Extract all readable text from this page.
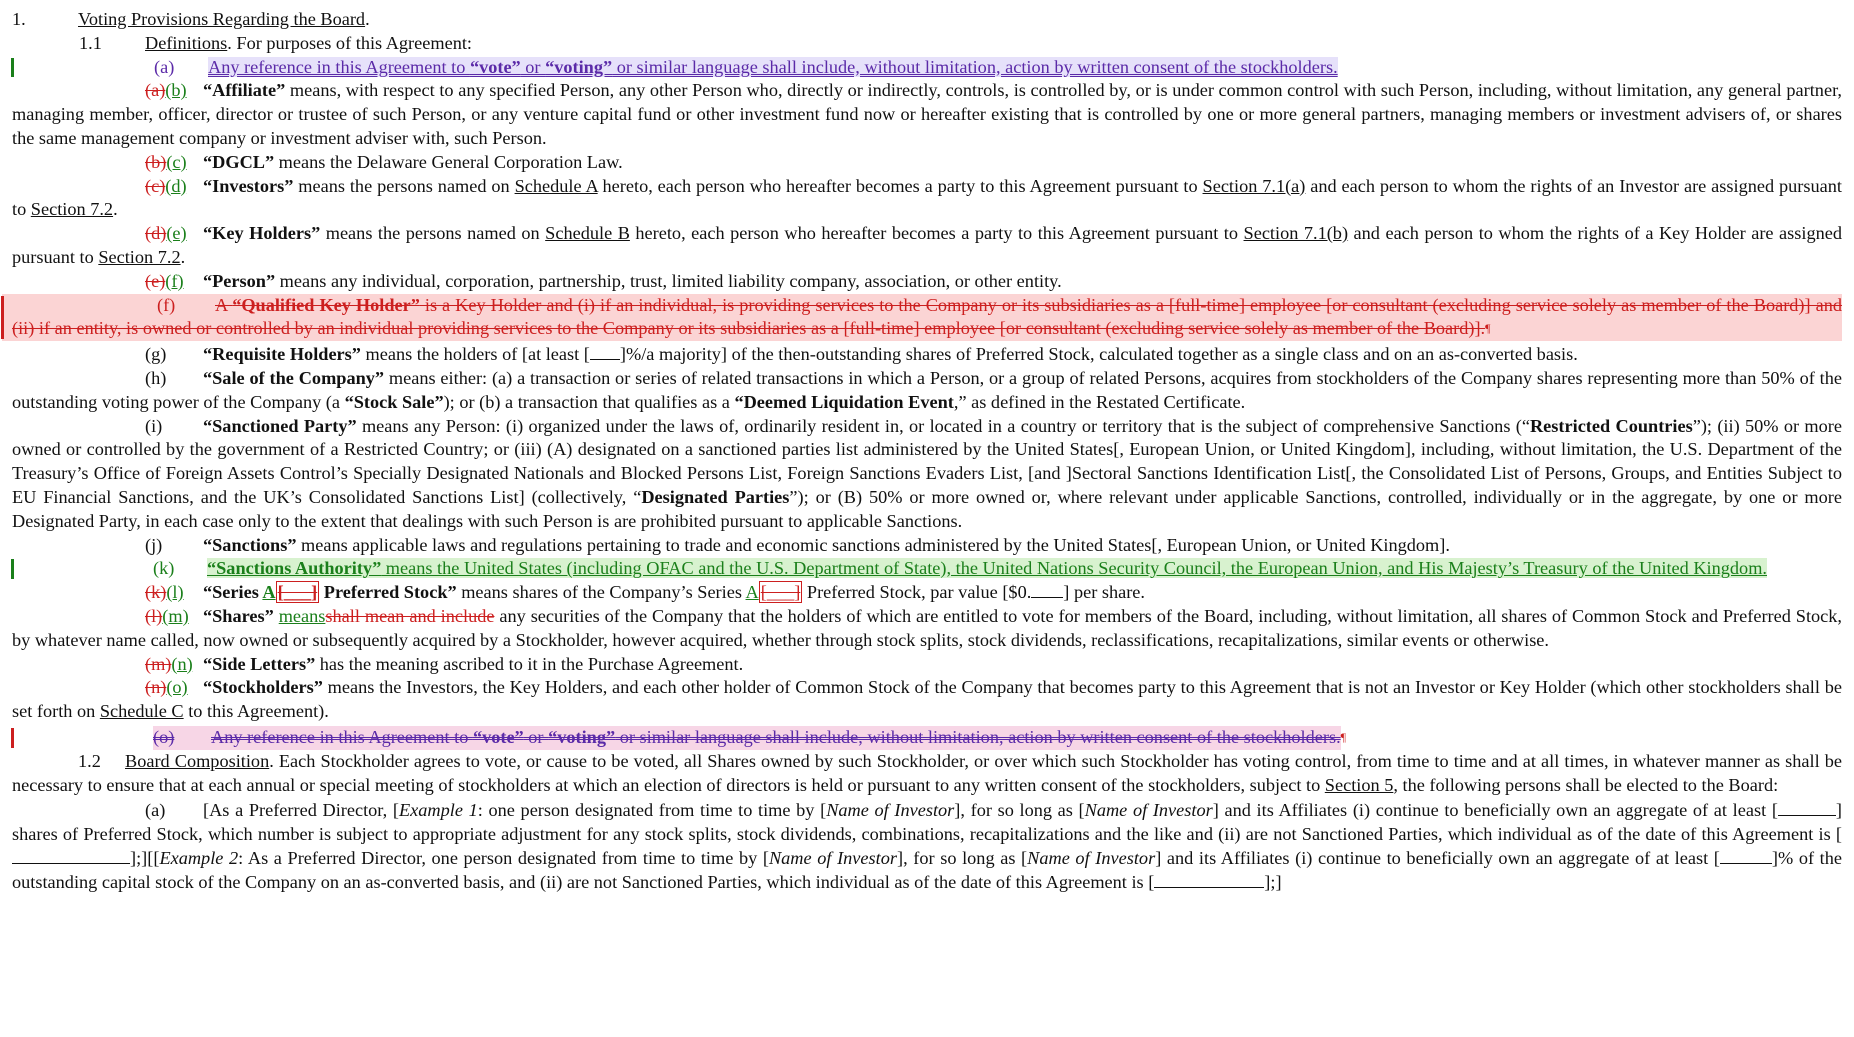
1.	Voting Provisions Regarding the Board.

1.1 Definitions. For purposes of this Agreement:

(a) Any reference in this Agreement to “vote” or “voting” or similar language shall include, without limitation, action by written consent of the stockholders.

(a)(b) “Affiliate” means, with respect to any specified Person, any other Person who, directly or indirectly, controls, is controlled by, or is under common control with such Person, including, without limitation, any general partner, managing member, officer, director or trustee of such Person, or any venture capital fund or other investment fund now or hereafter existing that is controlled by one or more general partners, managing members or investment advisers of, or shares the same management company or investment adviser with, such Person.

(b)(c) “DGCL” means the Delaware General Corporation Law.

(c)(d) “Investors” means the persons named on Schedule A hereto, each person who hereafter becomes a party to this Agreement pursuant to Section 7.1(a) and each person to whom the rights of an Investor are assigned pursuant to Section 7.2.

(d)(e) “Key Holders” means the persons named on Schedule B hereto, each person who hereafter becomes a party to this Agreement pursuant to Section 7.1(b) and each person to whom the rights of a Key Holder are assigned pursuant to Section 7.2.

(e)(f) “Person” means any individual, corporation, partnership, trust, limited liability company, association, or other entity.

(f) A “Qualified Key Holder” is a Key Holder and (i) if an individual, is providing services to the Company or its subsidiaries as a [full-time] employee [or consultant (excluding service solely as member of the Board)] and (ii) if an entity, is owned or controlled by an individual providing services to the Company or its subsidiaries as a [full-time] employee [or consultant (excluding service solely as member of the Board)].¶

(g) “Requisite Holders” means the holders of [at least [ ]%/a majority] of the then-outstanding shares of Preferred Stock, calculated together as a single class and on an as-converted basis.

(h) “Sale of the Company” means either: (a) a transaction or series of related transactions in which a Person, or a group of related Persons, acquires from stockholders of the Company shares representing more than 50% of the outstanding voting power of the Company (a “Stock Sale”); or (b) a transaction that qualifies as a “Deemed Liquidation Event,” as defined in the Restated Certificate.

(i) “Sanctioned Party” means any Person: (i) organized under the laws of, ordinarily resident in, or located in a country or territory that is the subject of comprehensive Sanctions (“Restricted Countries”); (ii) 50% or more owned or controlled by the government of a Restricted Country; or (iii) (A) designated on a sanctioned parties list administered by the United States[, European Union, or United Kingdom], including, without limitation, the U.S. Department of the Treasury’s Office of Foreign Assets Control’s Specially Designated Nationals and Blocked Persons List, Foreign Sanctions Evaders List, [and ]Sectoral Sanctions Identification List[, the Consolidated List of Persons, Groups, and Entities Subject to EU Financial Sanctions, and the UK’s Consolidated Sanctions List] (collectively, “Designated Parties”); or (B) 50% or more owned or, where relevant under applicable Sanctions, controlled, individually or in the aggregate, by one or more Designated Party, in each case only to the extent that dealings with such Person is are prohibited pursuant to applicable Sanctions.

(j) “Sanctions” means applicable laws and regulations pertaining to trade and economic sanctions administered by the United States[, European Union, or United Kingdom].

(k) “Sanctions Authority” means the United States (including OFAC and the U.S. Department of State), the United Nations Security Council, the European Union, and His Majesty’s Treasury of the United Kingdom.

(k)(l) “Series A [___] Preferred Stock” means shares of the Company’s Series A [___] Preferred Stock, par value [$0. ] per share.

(l)(m) “Shares” meansshall mean and include any securities of the Company that the holders of which are entitled to vote for members of the Board, including, without limitation, all shares of Common Stock and Preferred Stock, by whatever name called, now owned or subsequently acquired by a Stockholder, however acquired, whether through stock splits, stock dividends, reclassifications, recapitalizations, similar events or otherwise.

(m)(n) “Side Letters” has the meaning ascribed to it in the Purchase Agreement.

(n)(o) “Stockholders” means the Investors, the Key Holders, and each other holder of Common Stock of the Company that becomes party to this Agreement that is not an Investor or Key Holder (which other stockholders shall be set forth on Schedule C to this Agreement).

(o) Any reference in this Agreement to “vote” or “voting” or similar language shall include, without limitation, action by written consent of the stockholders.¶

1.2 Board Composition. Each Stockholder agrees to vote, or cause to be voted, all Shares owned by such Stockholder, or over which such Stockholder has voting control, from time to time and at all times, in whatever manner as shall be necessary to ensure that at each annual or special meeting of stockholders at which an election of directors is held or pursuant to any written consent of the stockholders, subject to Section 5, the following persons shall be elected to the Board:

(a) [As a Preferred Director, [Example 1: one person designated from time to time by [Name of Investor], for so long as [Name of Investor] and its Affiliates (i) continue to beneficially own an aggregate of at least [	] shares of Preferred Stock, which number is subject to appropriate adjustment for any stock splits, stock dividends, combinations, recapitalizations and the like and (ii) are not Sanctioned Parties, which individual as of the date of this Agreement is [];][[Example 2: As a Preferred Director, one person designated from time to time by [Name of Investor], for so long as [Name of Investor] and its Affiliates (i) continue to beneficially own an aggregate of at least [	]% of the outstanding capital stock of the Company on an as-converted basis, and (ii) are not Sanctioned Parties, which individual as of the date of this Agreement is [	];]
